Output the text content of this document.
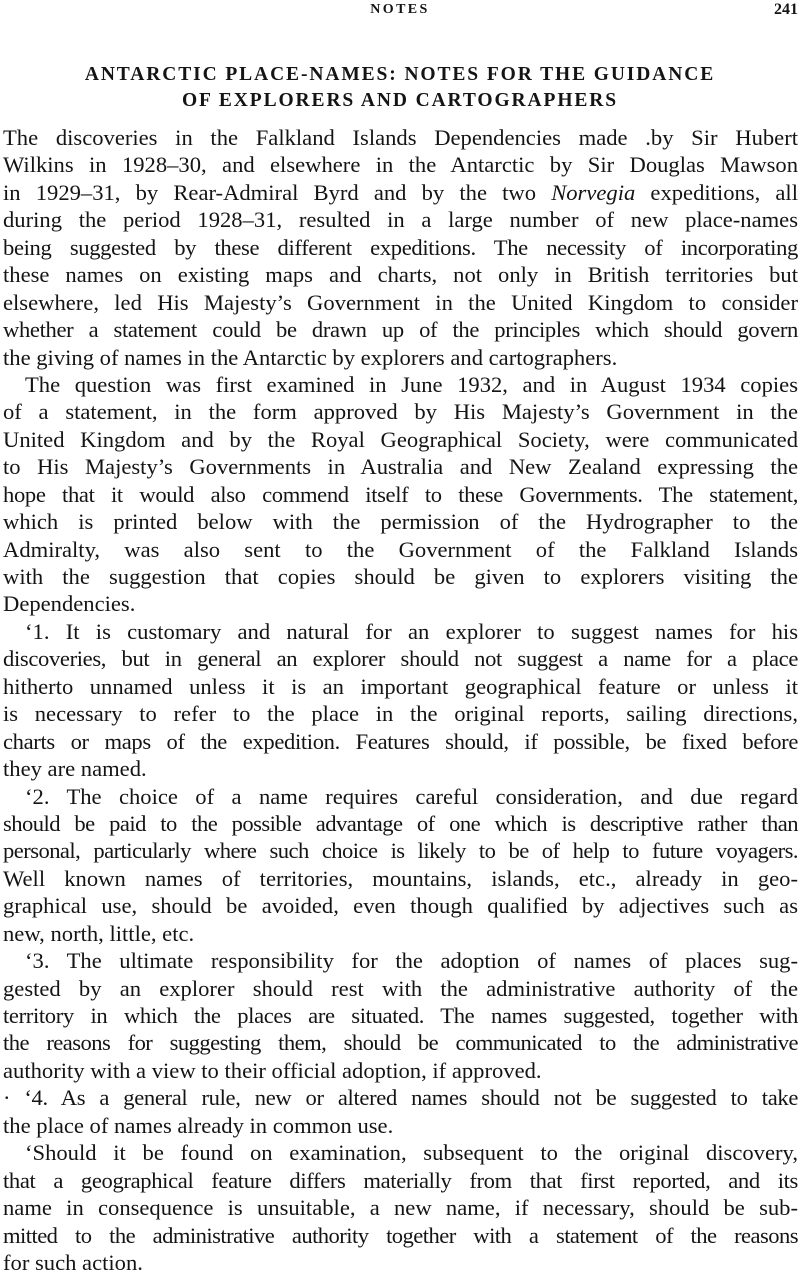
NOTES	241
ANTARCTIC PLACE-NAMES: NOTES FOR THE GUIDANCE
OF EXPLORERS AND CARTOGRAPHERS
The discoveries in the Falkland Islands Dependencies made .by Sir Hubert
Wilkins in 1928–30, and elsewhere in the Antarctic by Sir Douglas Mawson
in 1929–31, by Rear-Admiral Byrd and by the two Norvegia expeditions, all
during the period 1928–31, resulted in a large number of new place-names
being suggested by these different expeditions. The necessity of incorporating
these names on existing maps and charts, not only in British territories but
elsewhere, led His Majesty’s Government in the United Kingdom to consider
whether a statement could be drawn up of the principles which should govern
the giving of names in the Antarctic by explorers and cartographers.
The question was first examined in June 1932, and in August 1934 copies
of a statement, in the form approved by His Majesty’s Government in the
United Kingdom and by the Royal Geographical Society, were communicated
to His Majesty’s Governments in Australia and New Zealand expressing the
hope that it would also commend itself to these Governments. The statement,
which is printed below with the permission of the Hydrographer to the
Admiralty, was also sent to the Government of the Falkland Islands
with the suggestion that copies should be given to explorers visiting the
Dependencies.
‘1. It is customary and natural for an explorer to suggest names for his
discoveries, but in general an explorer should not suggest a name for a place
hitherto unnamed unless it is an important geographical feature or unless it
is necessary to refer to the place in the original reports, sailing directions,
charts or maps of the expedition. Features should, if possible, be fixed before
they are named.
‘2. The choice of a name requires careful consideration, and due regard
should be paid to the possible advantage of one which is descriptive rather than
personal, particularly where such choice is likely to be of help to future voyagers.
Well known names of territories, mountains, islands, etc., already in geo-
graphical use, should be avoided, even though qualified by adjectives such as
new, north, little, etc.
‘3. The ultimate responsibility for the adoption of names of places sug-
gested by an explorer should rest with the administrative authority of the
territory in which the places are situated. The names suggested, together with
the reasons for suggesting them, should be communicated to the administrative
authority with a view to their official adoption, if approved.
· ‘4. As a general rule, new or altered names should not be suggested to take
the place of names already in common use.
‘Should it be found on examination, subsequent to the original discovery,
that a geographical feature differs materially from that first reported, and its
name in consequence is unsuitable, a new name, if necessary, should be sub-
mitted to the administrative authority together with a statement of the reasons
for such action.
